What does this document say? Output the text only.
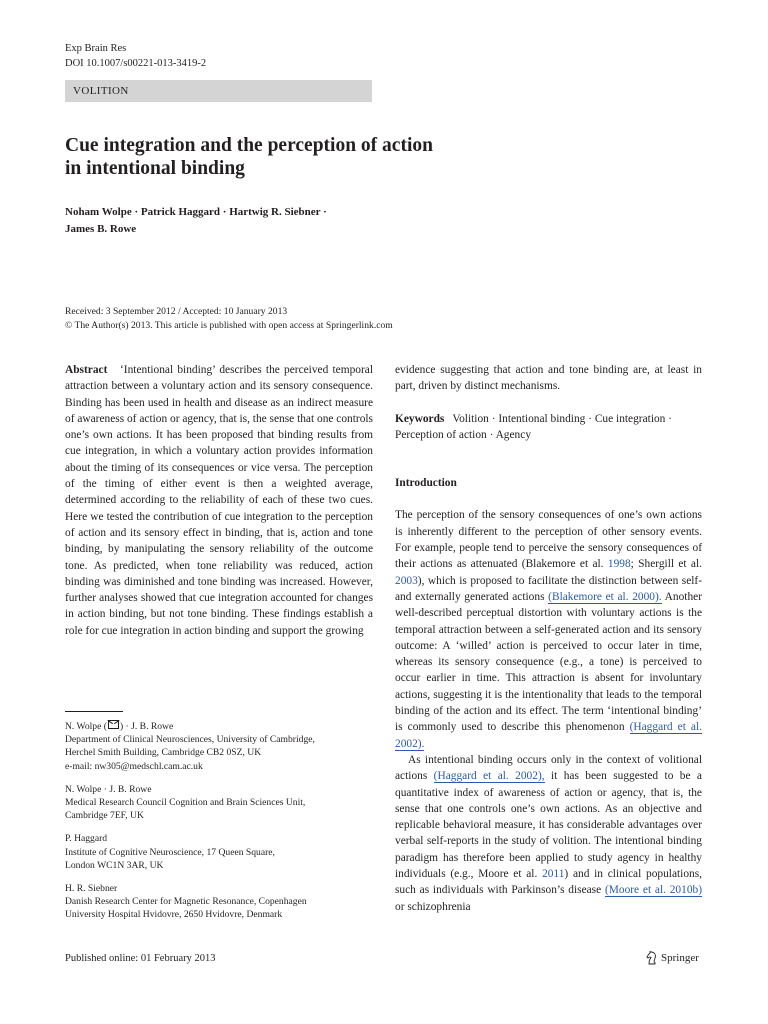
Exp Brain Res
DOI 10.1007/s00221-013-3419-2
VOLITION
Cue integration and the perception of action
in intentional binding
Noham Wolpe · Patrick Haggard · Hartwig R. Siebner ·
James B. Rowe
Received: 3 September 2012 / Accepted: 10 January 2013
© The Author(s) 2013. This article is published with open access at Springerlink.com

Abstract ‘Intentional binding’ describes the perceived temporal attraction between a voluntary action and its sensory consequence. Binding has been used in health and disease as an indirect measure of awareness of action or agency, that is, the sense that one controls one’s own actions. It has been proposed that binding results from cue integration, in which a voluntary action provides information about the timing of its consequences or vice versa. The perception of the timing of either event is then a weighted average, determined according to the reliability of each of these two cues. Here we tested the contribution of cue integration to the perception of action and its sensory effect in binding, that is, action and tone binding, by manipulating the sensory reliability of the outcome tone. As predicted, when tone reliability was reduced, action binding was diminished and tone binding was increased. However, further analyses showed that cue integration accounted for changes in action binding, but not tone binding. These findings establish a role for cue integration in action binding and support the growing

N. Wolpe ( ) · J. B. Rowe
Department of Clinical Neurosciences, University of Cambridge,
Herchel Smith Building, Cambridge CB2 0SZ, UK
e-mail: nw305@medschl.cam.ac.uk
N. Wolpe · J. B. Rowe
Medical Research Council Cognition and Brain Sciences Unit,
Cambridge 7EF, UK
P. Haggard
Institute of Cognitive Neuroscience, 17 Queen Square,
London WC1N 3AR, UK
H. R. Siebner
Danish Research Center for Magnetic Resonance, Copenhagen
University Hospital Hvidovre, 2650 Hvidovre, Denmark

evidence suggesting that action and tone binding are, at least in part, driven by distinct mechanisms.

Keywords Volition · Intentional binding · Cue integration · Perception of action · Agency

Introduction

The perception of the sensory consequences of one’s own actions is inherently different to the perception of other sensory events. For example, people tend to perceive the sensory consequences of their actions as attenuated (Blakemore et al. 1998; Shergill et al. 2003), which is proposed to facilitate the distinction between self- and externally generated actions (Blakemore et al. 2000). Another well-described perceptual distortion with voluntary actions is the temporal attraction between a self-generated action and its sensory outcome: A ‘willed’ action is perceived to occur later in time, whereas its sensory consequence (e.g., a tone) is perceived to occur earlier in time. This attraction is absent for involuntary actions, suggesting it is the intentionality that leads to the temporal binding of the action and its effect. The term ‘intentional binding’ is commonly used to describe this phenomenon (Haggard et al. 2002).

As intentional binding occurs only in the context of volitional actions (Haggard et al. 2002), it has been suggested to be a quantitative index of awareness of action or agency, that is, the sense that one controls one’s own actions. As an objective and replicable behavioral measure, it has considerable advantages over verbal self-reports in the study of volition. The intentional binding paradigm has therefore been applied to study agency in healthy individuals (e.g., Moore et al. 2011) and in clinical populations, such as individuals with Parkinson’s disease (Moore et al. 2010b) or schizophrenia

Published online: 01 February 2013	Springer
